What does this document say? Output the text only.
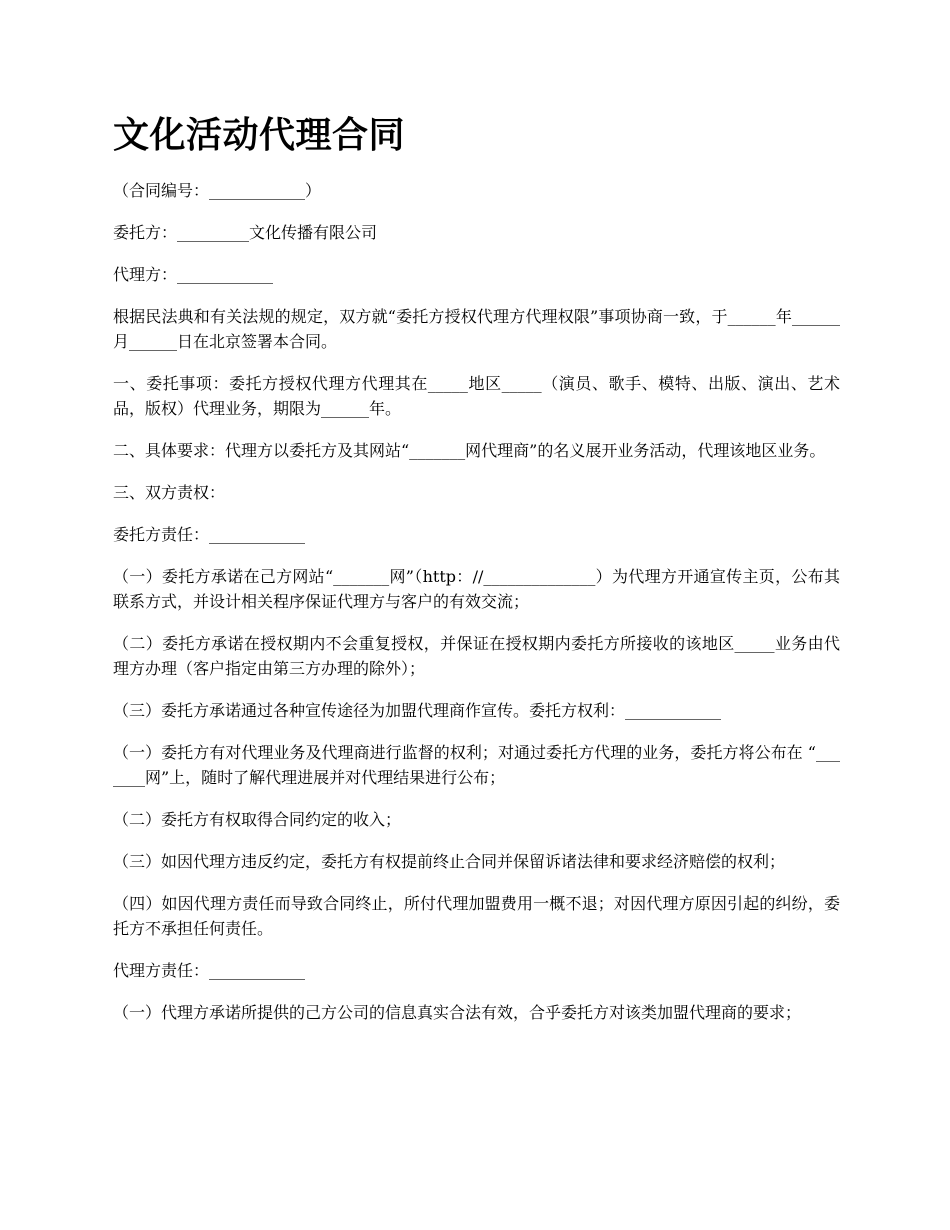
文化活动代理合同

（合同编号：____________）

委托方：_________文化传播有限公司

代理方：____________

根据民法典和有关法规的规定，双方就“委托方授权代理方代理权限”事项协商一致，于______年______月______日在北京签署本合同。

一、委托事项：委托方授权代理方代理其在_____地区_____（演员、歌手、模特、出版、演出、艺术品，版权）代理业务，期限为______年。

二、具体要求：代理方以委托方及其网站“_______网代理商”的名义展开业务活动，代理该地区业务。

三、双方责权：

委托方责任：____________

（一）委托方承诺在己方网站“_______网”（http：//______________）为代理方开通宣传主页，公布其联系方式，并设计相关程序保证代理方与客户的有效交流；

（二）委托方承诺在授权期内不会重复授权，并保证在授权期内委托方所接收的该地区_____业务由代理方办理（客户指定由第三方办理的除外）；

（三）委托方承诺通过各种宣传途径为加盟代理商作宣传。委托方权利：____________

（一）委托方有对代理业务及代理商进行监督的权利；对通过委托方代理的业务，委托方将公布在 “_______网”上，随时了解代理进展并对代理结果进行公布；

（二）委托方有权取得合同约定的收入；

（三）如因代理方违反约定，委托方有权提前终止合同并保留诉诸法律和要求经济赔偿的权利；

（四）如因代理方责任而导致合同终止，所付代理加盟费用一概不退；对因代理方原因引起的纠纷，委托方不承担任何责任。

代理方责任：____________

（一）代理方承诺所提供的己方公司的信息真实合法有效，合乎委托方对该类加盟代理商的要求；
